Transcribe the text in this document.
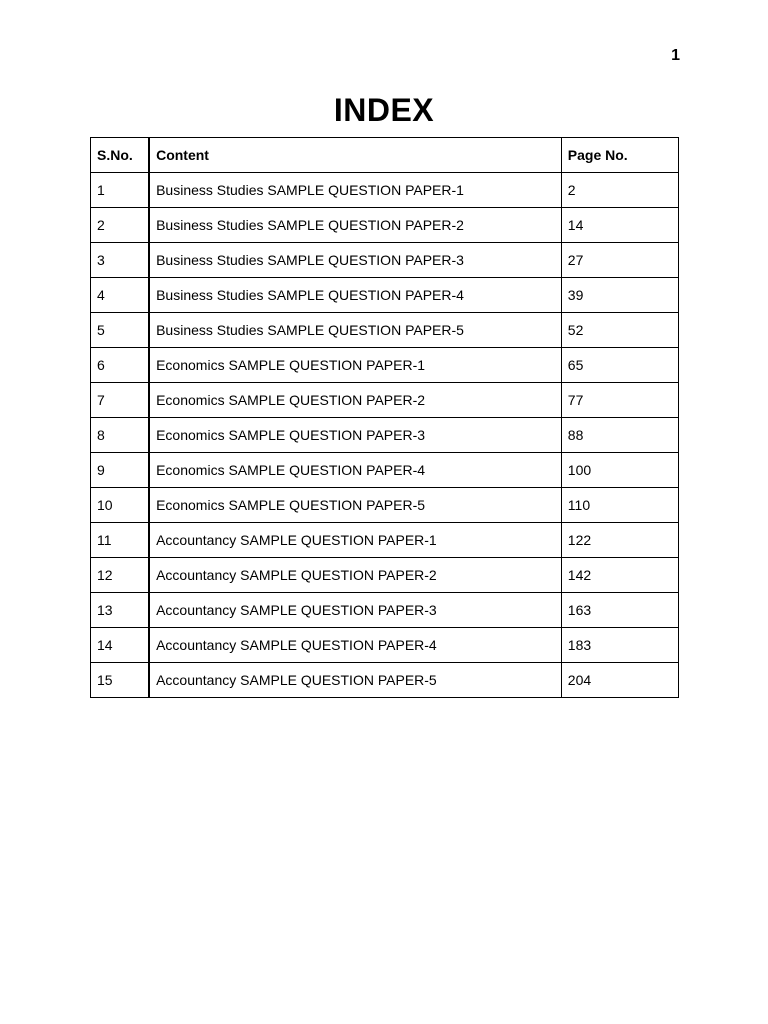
1
INDEX
S.No.	Content	Page No.
1	Business Studies SAMPLE QUESTION PAPER-1	2
2	Business Studies SAMPLE QUESTION PAPER-2	14
3	Business Studies SAMPLE QUESTION PAPER-3	27
4	Business Studies SAMPLE QUESTION PAPER-4	39
5	Business Studies SAMPLE QUESTION PAPER-5	52
6	Economics SAMPLE QUESTION PAPER-1	65
7	Economics SAMPLE QUESTION PAPER-2	77
8	Economics SAMPLE QUESTION PAPER-3	88
9	Economics SAMPLE QUESTION PAPER-4	100
10	Economics SAMPLE QUESTION PAPER-5	110
11	Accountancy SAMPLE QUESTION PAPER-1	122
12	Accountancy SAMPLE QUESTION PAPER-2	142
13	Accountancy SAMPLE QUESTION PAPER-3	163
14	Accountancy SAMPLE QUESTION PAPER-4	183
15	Accountancy SAMPLE QUESTION PAPER-5	204
